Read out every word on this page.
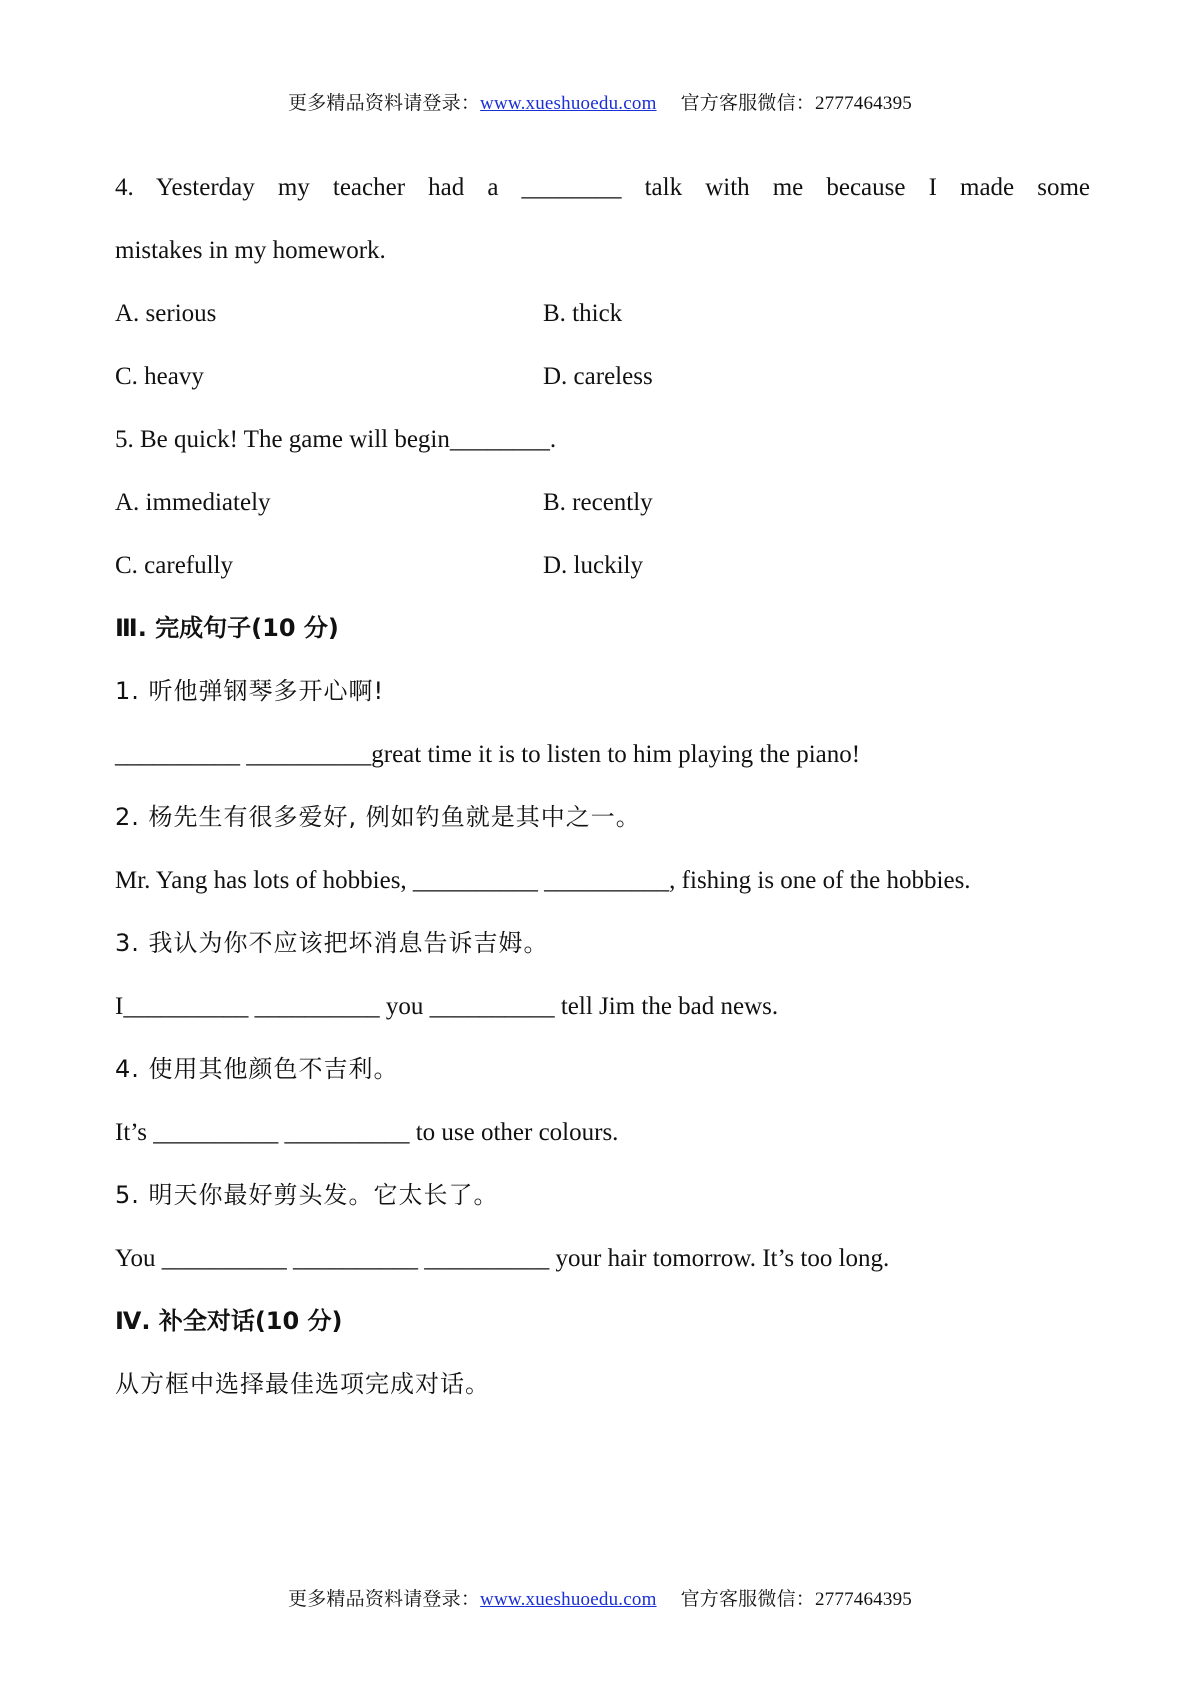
更多精品资料请登录：www.xueshuoedu.com 官方客服微信：2777464395
4. Yesterday my teacher had a ________ talk with me because I made some
mistakes in my homework.
A. serious	B. thick
C. heavy	D. careless
5. Be quick! The game will begin________.
A. immediately	B. recently
C. carefully	D. luckily
Ⅲ. 完成句子(10 分)
1. 听他弹钢琴多开心啊!
__________ __________great time it is to listen to him playing the piano!
2. 杨先生有很多爱好, 例如钓鱼就是其中之一。
Mr. Yang has lots of hobbies, __________ __________, fishing is one of the hobbies.
3. 我认为你不应该把坏消息告诉吉姆。
I__________ __________ you __________ tell Jim the bad news.
4. 使用其他颜色不吉利。
It’s __________ __________ to use other colours.
5. 明天你最好剪头发。它太长了。
You __________ __________ __________ your hair tomorrow. It’s too long.
Ⅳ. 补全对话(10 分)
从方框中选择最佳选项完成对话。
更多精品资料请登录：www.xueshuoedu.com 官方客服微信：2777464395
